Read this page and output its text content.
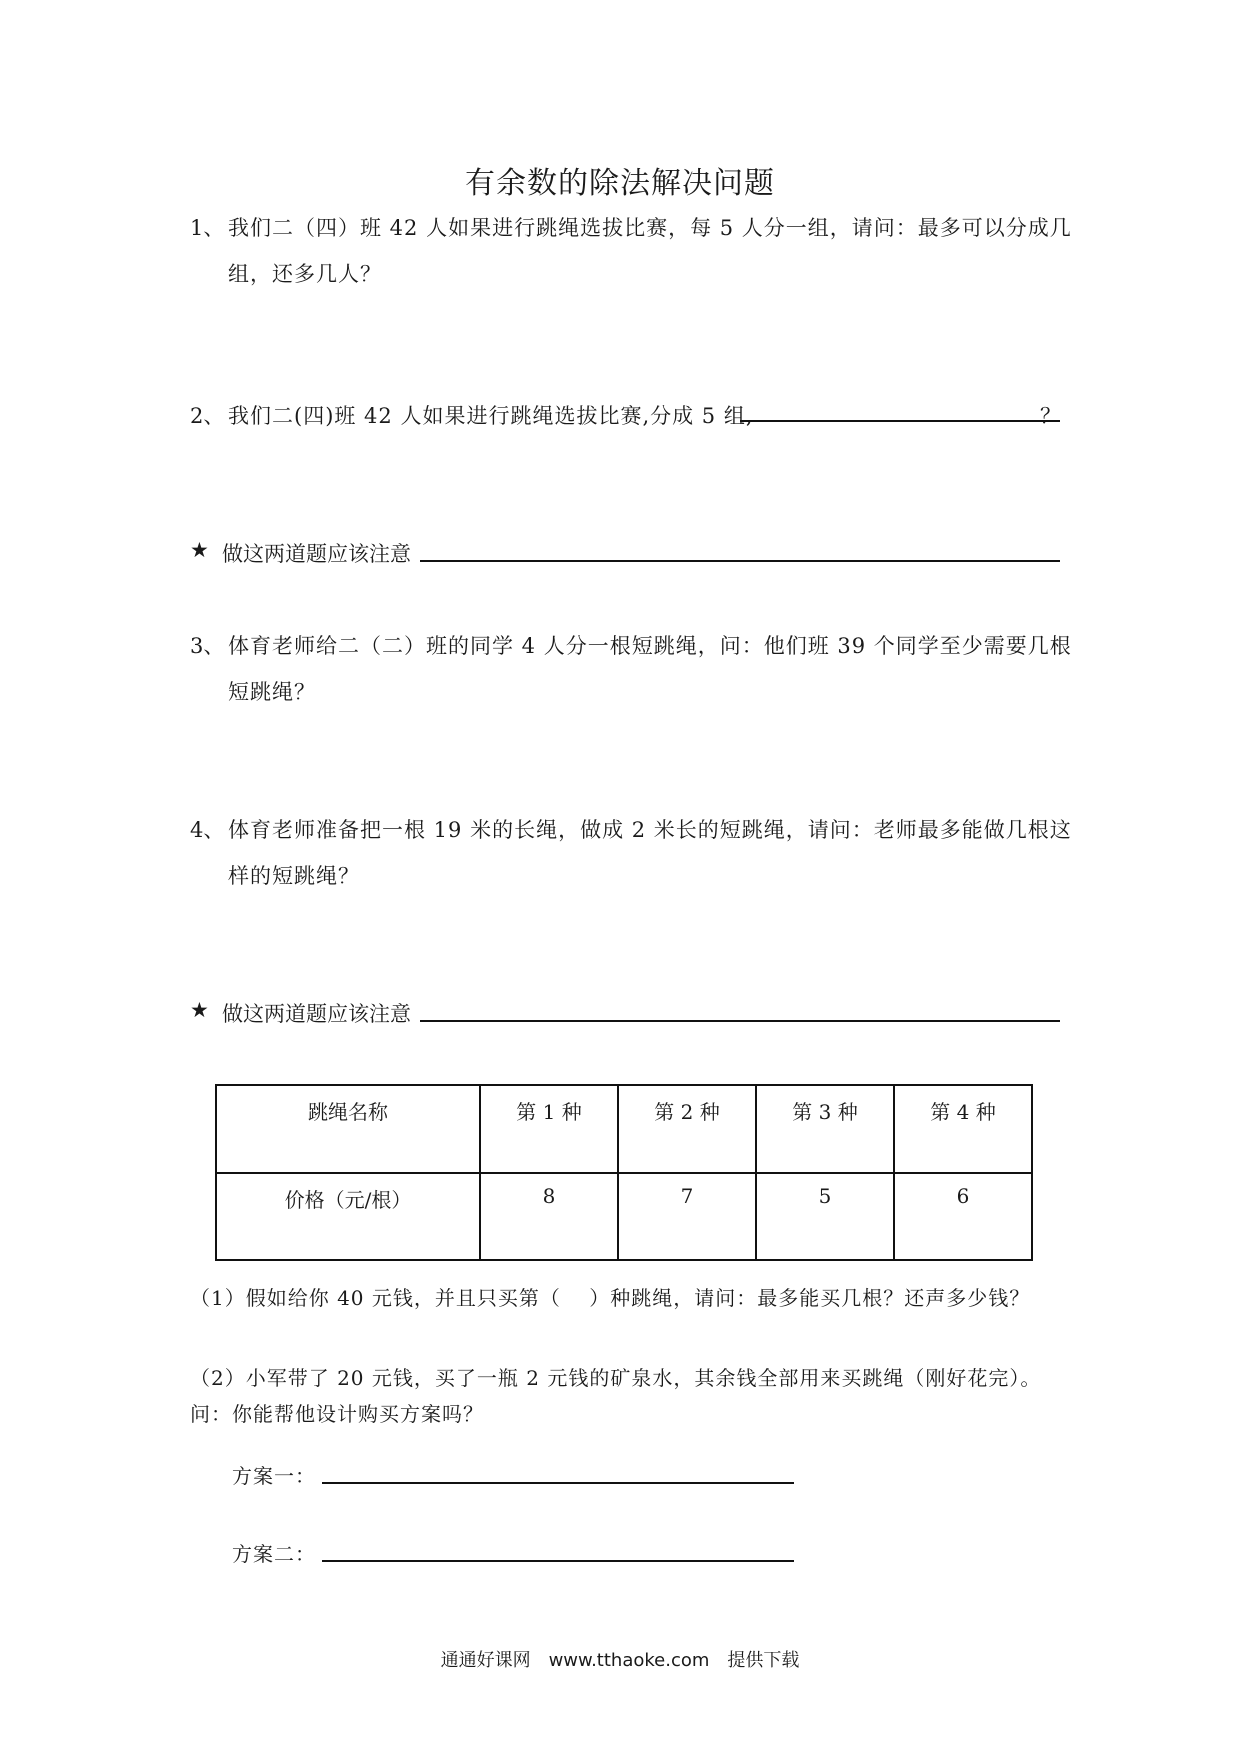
有余数的除法解决问题
1、 我们二（四）班 42 人如果进行跳绳选拔比赛，每 5 人分一组，请问：最多可以分成几
组，还多几人？
2、 我们二(四)班 42 人如果进行跳绳选拔比赛,分成 5 组,	？
★ 做这两道题应该注意
3、 体育老师给二（二）班的同学 4 人分一根短跳绳，问：他们班 39 个同学至少需要几根
短跳绳？
4、 体育老师准备把一根 19 米的长绳，做成 2 米长的短跳绳，请问：老师最多能做几根这
样的短跳绳？
★ 做这两道题应该注意
跳绳名称	第 1 种	第 2 种	第 3 种	第 4 种
价格（元/根）	8	7	5	6
（1）假如给你 40 元钱，并且只买第（　 ）种跳绳，请问：最多能买几根？还声多少钱？
（2）小军带了 20 元钱，买了一瓶 2 元钱的矿泉水，其余钱全部用来买跳绳（刚好花完）。
问：你能帮他设计购买方案吗？
方案一：
方案二：
通通好课网　www.tthaoke.com　提供下载
